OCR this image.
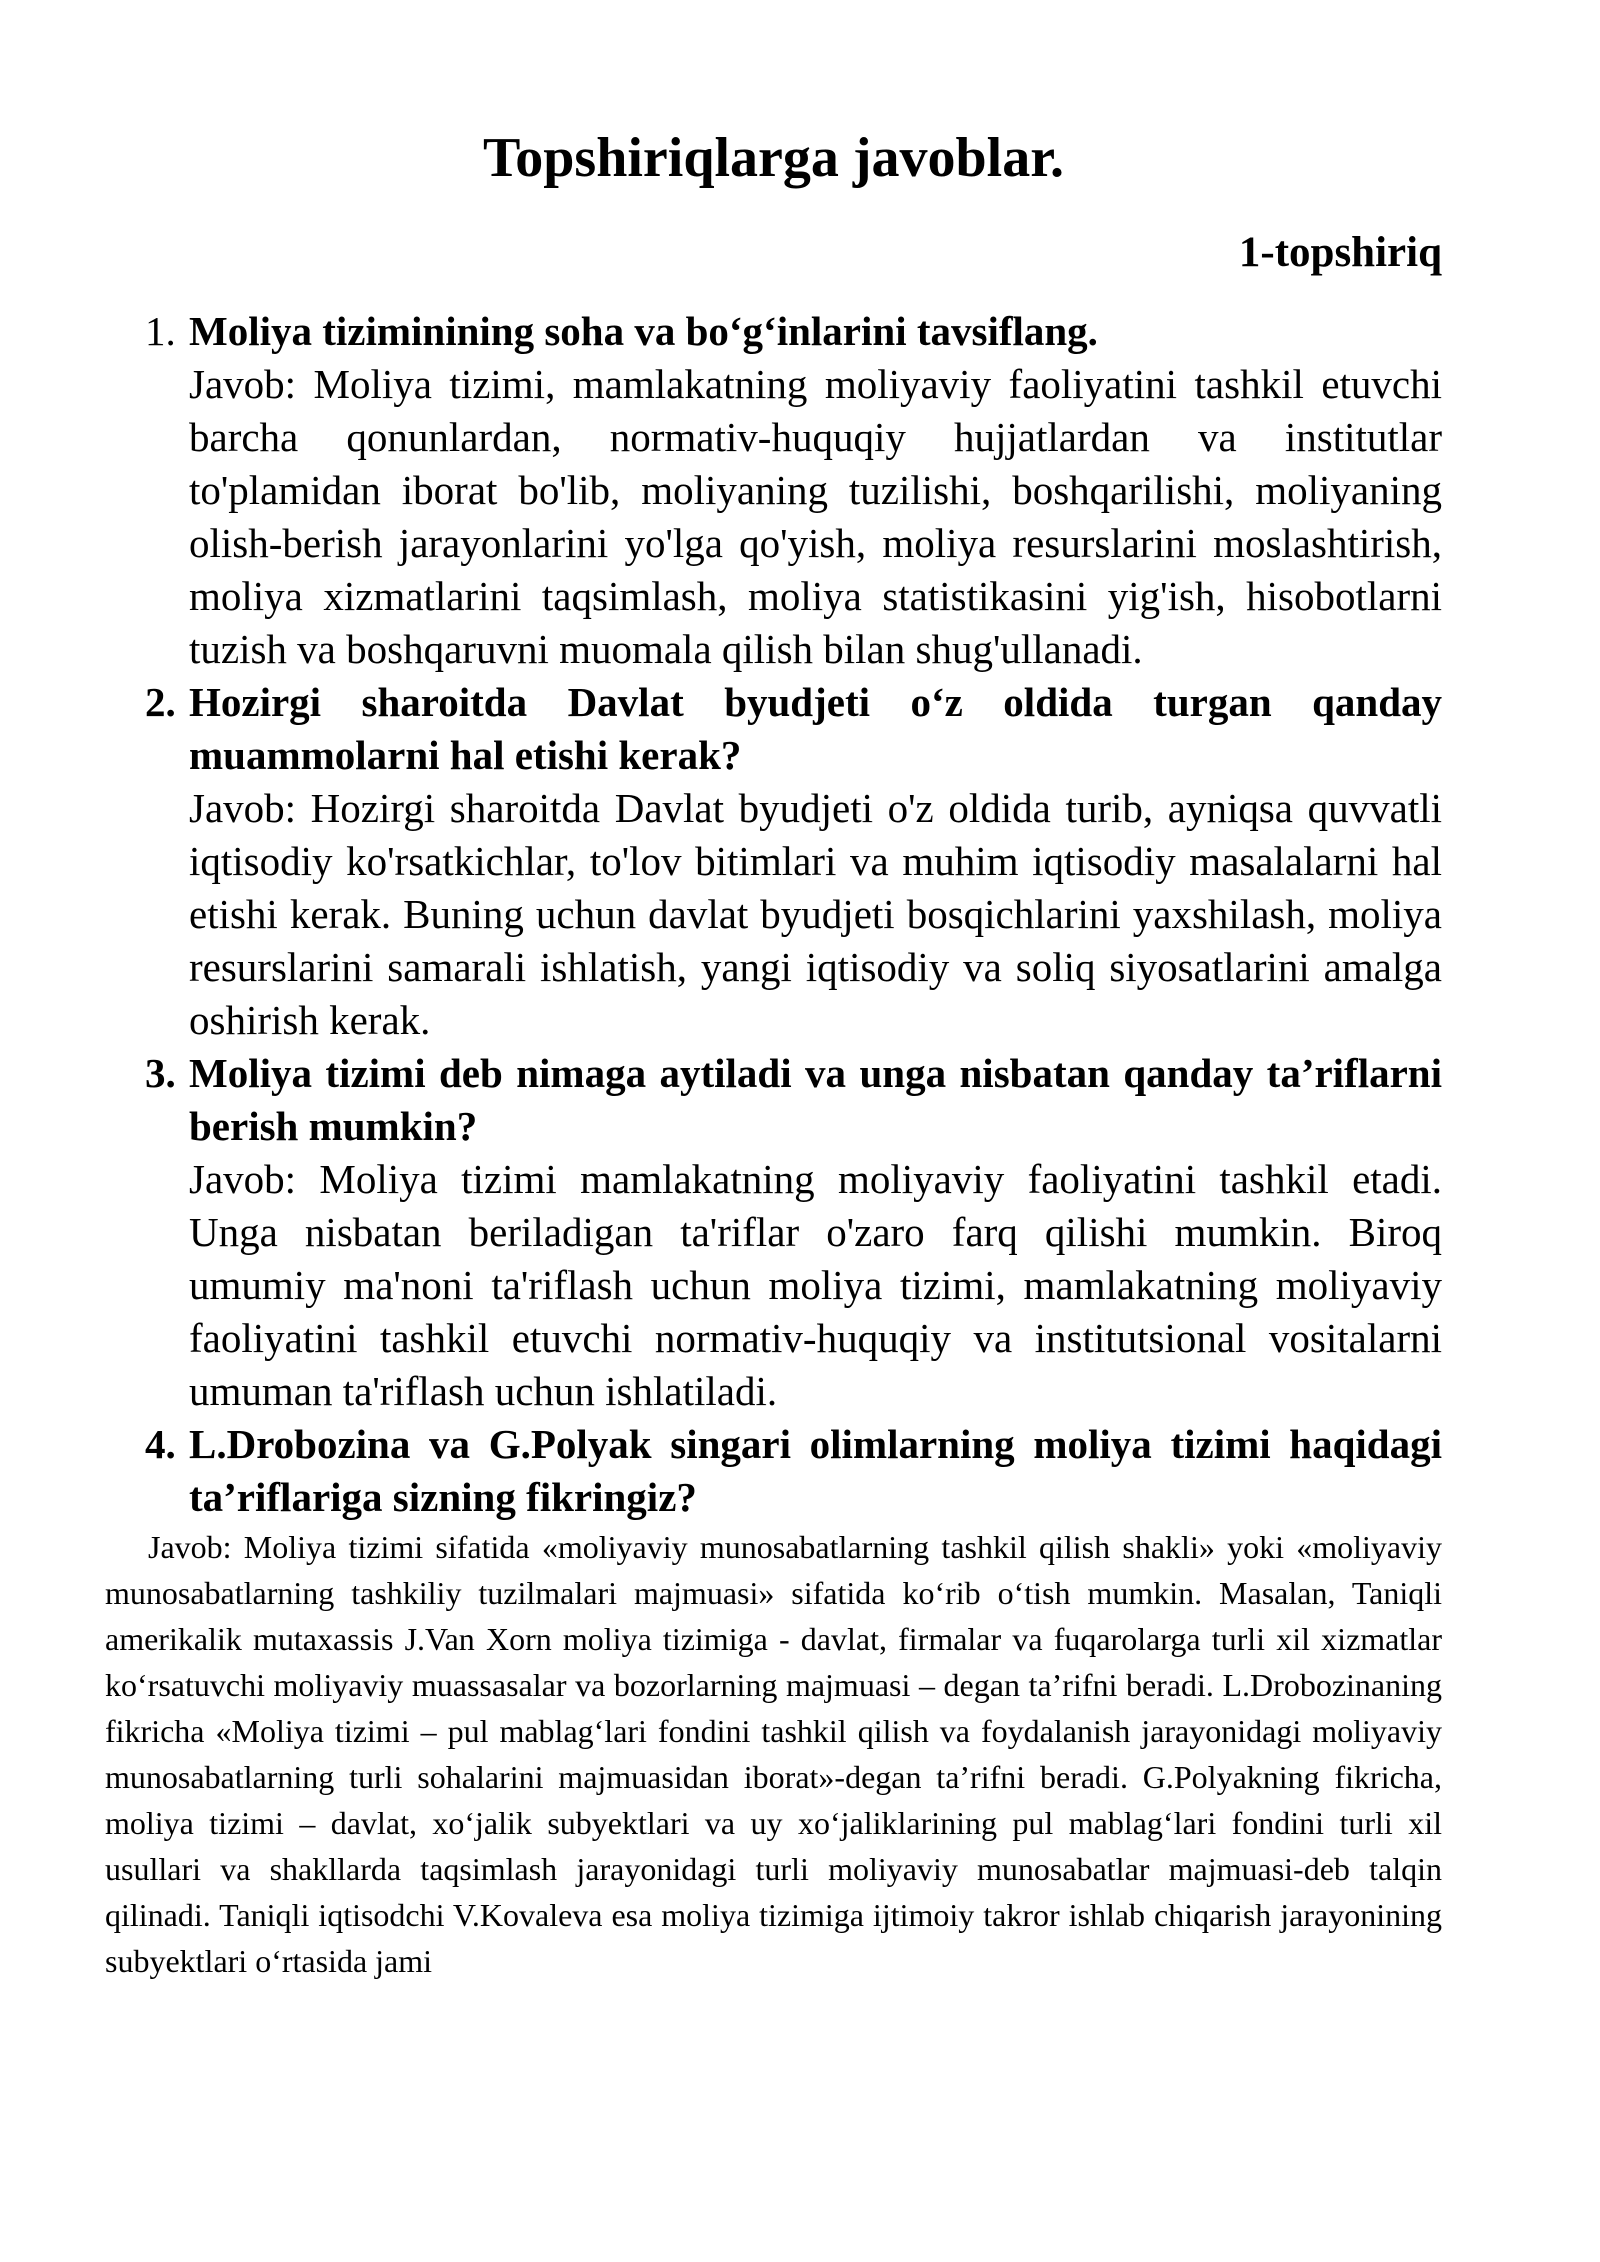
Topshiriqlarga javoblar.
1-topshiriq
1. Moliya tiziminining soha va boʻgʻinlarini tavsiflang.
Javob: Moliya tizimi, mamlakatning moliyaviy faoliyatini tashkil etuvchi barcha qonunlardan, normativ-huquqiy hujjatlardan va institutlar to'plamidan iborat bo'lib, moliyaning tuzilishi, boshqarilishi, moliyaning olish-berish jarayonlarini yo'lga qo'yish, moliya resurslarini moslashtirish, moliya xizmatlarini taqsimlash, moliya statistikasini yig'ish, hisobotlarni tuzish va boshqaruvni muomala qilish bilan shug'ullanadi.
2. Hozirgi sharoitda Davlat byudjeti oʻz oldida turgan qanday muammolarni hal etishi kerak?
Javob: Hozirgi sharoitda Davlat byudjeti o'z oldida turib, ayniqsa quvvatli iqtisodiy ko'rsatkichlar, to'lov bitimlari va muhim iqtisodiy masalalarni hal etishi kerak. Buning uchun davlat byudjeti bosqichlarini yaxshilash, moliya resurslarini samarali ishlatish, yangi iqtisodiy va soliq siyosatlarini amalga oshirish kerak.
3. Moliya tizimi deb nimaga aytiladi va unga nisbatan qanday ta’riflarni berish mumkin?
Javob: Moliya tizimi mamlakatning moliyaviy faoliyatini tashkil etadi. Unga nisbatan beriladigan ta'riflar o'zaro farq qilishi mumkin. Biroq umumiy ma'noni ta'riflash uchun moliya tizimi, mamlakatning moliyaviy faoliyatini tashkil etuvchi normativ-huquqiy va institutsional vositalarni umuman ta'riflash uchun ishlatiladi.
4. L.Drobozina va G.Polyak singari olimlarning moliya tizimi haqidagi ta’riflariga sizning fikringiz?

Javob: Moliya tizimi sifatida «moliyaviy munosabatlarning tashkil qilish shakli» yoki «moliyaviy munosabatlarning tashkiliy tuzilmalari majmuasi» sifatida koʻrib oʻtish mumkin. Masalan, Taniqli amerikalik mutaxassis J.Van Xorn moliya tizimiga - davlat, firmalar va fuqarolarga turli xil xizmatlar koʻrsatuvchi moliyaviy muassasalar va bozorlarning majmuasi – degan ta’rifni beradi. L.Drobozinaning fikricha «Moliya tizimi – pul mablagʻlari fondini tashkil qilish va foydalanish jarayonidagi moliyaviy munosabatlarning turli sohalarini majmuasidan iborat»-degan ta’rifni beradi. G.Polyakning fikricha, moliya tizimi – davlat, xoʻjalik subyektlari va uy xoʻjaliklarining pul mablagʻlari fondini turli xil usullari va shakllarda taqsimlash jarayonidagi turli moliyaviy munosabatlar majmuasi-deb talqin qilinadi. Taniqli iqtisodchi V.Kovaleva esa moliya tizimiga ijtimoiy takror ishlab chiqarish jarayonining subyektlari oʻrtasida jami
